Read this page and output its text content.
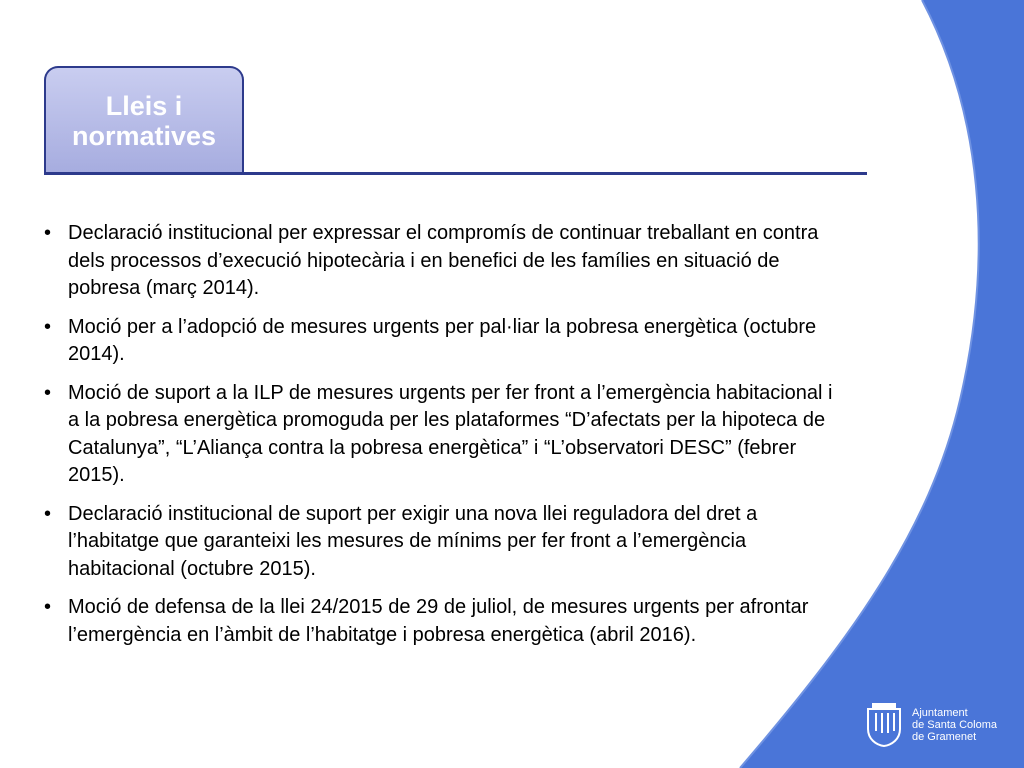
Lleis i normatives
• Declaració institucional per expressar el compromís de continuar treballant en contra dels processos d’execució hipotecària i en benefici de les famílies en situació de pobresa (març 2014).
• Moció per a l’adopció de mesures urgents per pal·liar la pobresa energètica (octubre 2014).
• Moció de suport a la ILP de mesures urgents per fer front a l’emergència habitacional i a la pobresa energètica promoguda per les plataformes “D’afectats per la hipoteca de Catalunya”, “L’Aliança contra la pobresa energètica” i “L’observatori DESC” (febrer 2015).
• Declaració institucional de suport per exigir una nova llei reguladora del dret a l’habitatge que garanteixi les mesures de mínims per fer front a l’emergència habitacional (octubre 2015).
• Moció de defensa de la llei 24/2015 de 29 de juliol, de mesures urgents per afrontar l’emergència en l’àmbit de l’habitatge i pobresa energètica (abril 2016).
Ajuntament
de Santa Coloma
de Gramenet
